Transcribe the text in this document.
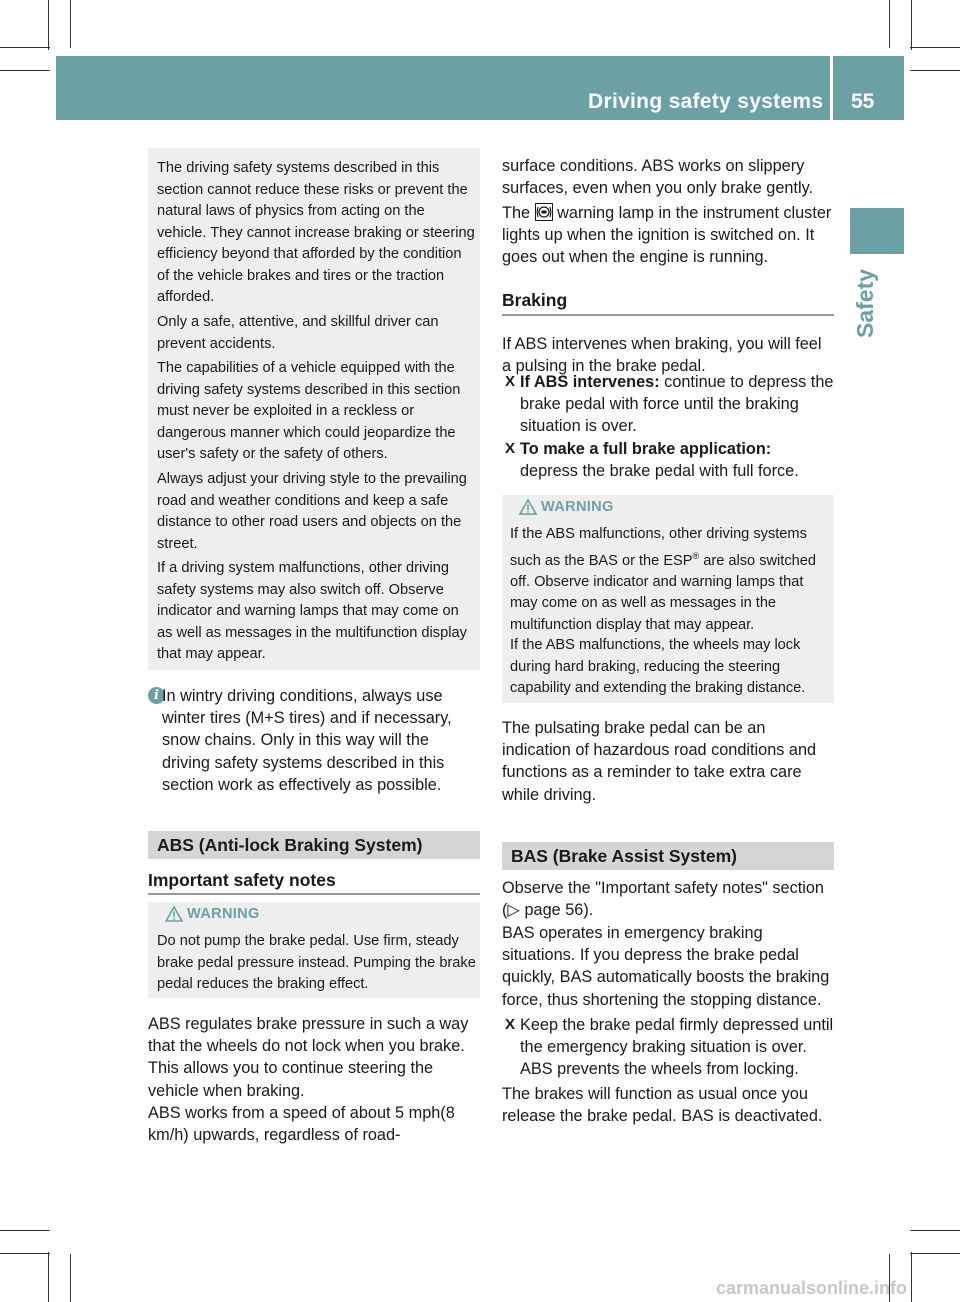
Driving safety systems 55
Safety

The driving safety systems described in this section cannot reduce these risks or prevent the natural laws of physics from acting on the vehicle. They cannot increase braking or steering efficiency beyond that afforded by the condition of the vehicle brakes and tires or the traction afforded.

Only a safe, attentive, and skillful driver can prevent accidents.

The capabilities of a vehicle equipped with the driving safety systems described in this section must never be exploited in a reckless or dangerous manner which could jeopardize the user's safety or the safety of others.

Always adjust your driving style to the prevailing road and weather conditions and keep a safe distance to other road users and objects on the street.

If a driving system malfunctions, other driving safety systems may also switch off. Observe indicator and warning lamps that may come on as well as messages in the multifunction display that may appear.

i In wintry driving conditions, always use winter tires (M+S tires) and if necessary, snow chains. Only in this way will the driving safety systems described in this section work as effectively as possible.

ABS (Anti-lock Braking System)
Important safety notes
WARNING

Do not pump the brake pedal. Use firm, steady brake pedal pressure instead. Pumping the brake pedal reduces the braking effect.

ABS regulates brake pressure in such a way that the wheels do not lock when you brake. This allows you to continue steering the vehicle when braking.

ABS works from a speed of about 5 mph(8 km/h) upwards, regardless of road-

surface conditions. ABS works on slippery surfaces, even when you only brake gently.

The warning lamp in the instrument cluster lights up when the ignition is switched on. It goes out when the engine is running.

Braking

If ABS intervenes when braking, you will feel a pulsing in the brake pedal.

X If ABS intervenes: continue to depress the brake pedal with force until the braking situation is over.

X To make a full brake application:
depress the brake pedal with full force.

WARNING

If the ABS malfunctions, other driving systems such as the BAS or the ESP® are also switched off. Observe indicator and warning lamps that may come on as well as messages in the multifunction display that may appear.

If the ABS malfunctions, the wheels may lock during hard braking, reducing the steering capability and extending the braking distance.

The pulsating brake pedal can be an indication of hazardous road conditions and functions as a reminder to take extra care while driving.

BAS (Brake Assist System)

Observe the "Important safety notes" section (▷ page 56).

BAS operates in emergency braking situations. If you depress the brake pedal quickly, BAS automatically boosts the braking force, thus shortening the stopping distance.

X Keep the brake pedal firmly depressed until the emergency braking situation is over. ABS prevents the wheels from locking.

The brakes will function as usual once you release the brake pedal. BAS is deactivated.

carmanualsonline.info
